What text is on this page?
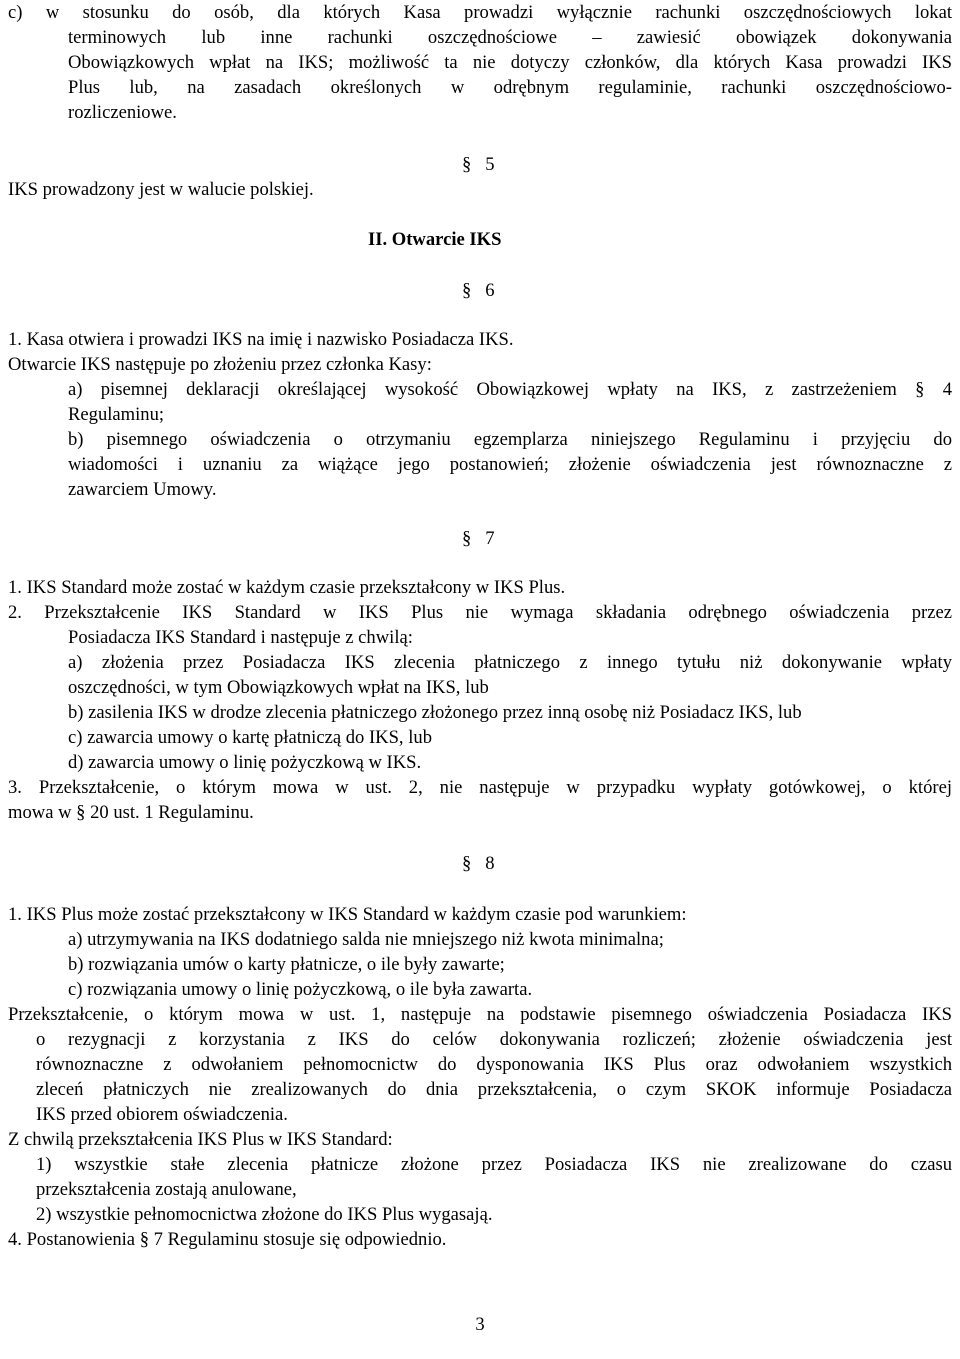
c) w stosunku do osób, dla których Kasa prowadzi wyłącznie rachunki oszczędnościowych lokat
terminowych lub inne rachunki oszczędnościowe – zawiesić obowiązek dokonywania
Obowiązkowych wpłat na IKS; możliwość ta nie dotyczy członków, dla których Kasa prowadzi IKS
Plus lub, na zasadach określonych w odrębnym regulaminie, rachunki oszczędnościowo-
rozliczeniowe.
IKS prowadzony jest w walucie polskiej.
§ 5
II. Otwarcie IKS
§ 6
1. Kasa otwiera i prowadzi IKS na imię i nazwisko Posiadacza IKS.
Otwarcie IKS następuje po złożeniu przez członka Kasy:
a) pisemnej deklaracji określającej wysokość Obowiązkowej wpłaty na IKS, z zastrzeżeniem § 4
Regulaminu;
b) pisemnego oświadczenia o otrzymaniu egzemplarza niniejszego Regulaminu i przyjęciu do
wiadomości i uznaniu za wiążące jego postanowień; złożenie oświadczenia jest równoznaczne z
zawarciem Umowy.
§ 7
1. IKS Standard może zostać w każdym czasie przekształcony w IKS Plus.
2. Przekształcenie IKS Standard w IKS Plus nie wymaga składania odrębnego oświadczenia przez
Posiadacza IKS Standard i następuje z chwilą:
a) złożenia przez Posiadacza IKS zlecenia płatniczego z innego tytułu niż dokonywanie wpłaty
oszczędności, w tym Obowiązkowych wpłat na IKS, lub
b) zasilenia IKS w drodze zlecenia płatniczego złożonego przez inną osobę niż Posiadacz IKS, lub
c) zawarcia umowy o kartę płatniczą do IKS, lub
d) zawarcia umowy o linię pożyczkową w IKS.
3. Przekształcenie, o którym mowa w ust. 2, nie następuje w przypadku wypłaty gotówkowej, o której
mowa w § 20 ust. 1 Regulaminu.
§ 8
1. IKS Plus może zostać przekształcony w IKS Standard w każdym czasie pod warunkiem:
a) utrzymywania na IKS dodatniego salda nie mniejszego niż kwota minimalna;
b) rozwiązania umów o karty płatnicze, o ile były zawarte;
c) rozwiązania umowy o linię pożyczkową, o ile była zawarta.
Przekształcenie, o którym mowa w ust. 1, następuje na podstawie pisemnego oświadczenia Posiadacza IKS
o rezygnacji z korzystania z IKS do celów dokonywania rozliczeń; złożenie oświadczenia jest
równoznaczne z odwołaniem pełnomocnictw do dysponowania IKS Plus oraz odwołaniem wszystkich
zleceń płatniczych nie zrealizowanych do dnia przekształcenia, o czym SKOK informuje Posiadacza
IKS przed obiorem oświadczenia.
Z chwilą przekształcenia IKS Plus w IKS Standard:
1) wszystkie stałe zlecenia płatnicze złożone przez Posiadacza IKS nie zrealizowane do czasu
przekształcenia zostają anulowane,
2) wszystkie pełnomocnictwa złożone do IKS Plus wygasają.
4. Postanowienia § 7 Regulaminu stosuje się odpowiednio.
3
